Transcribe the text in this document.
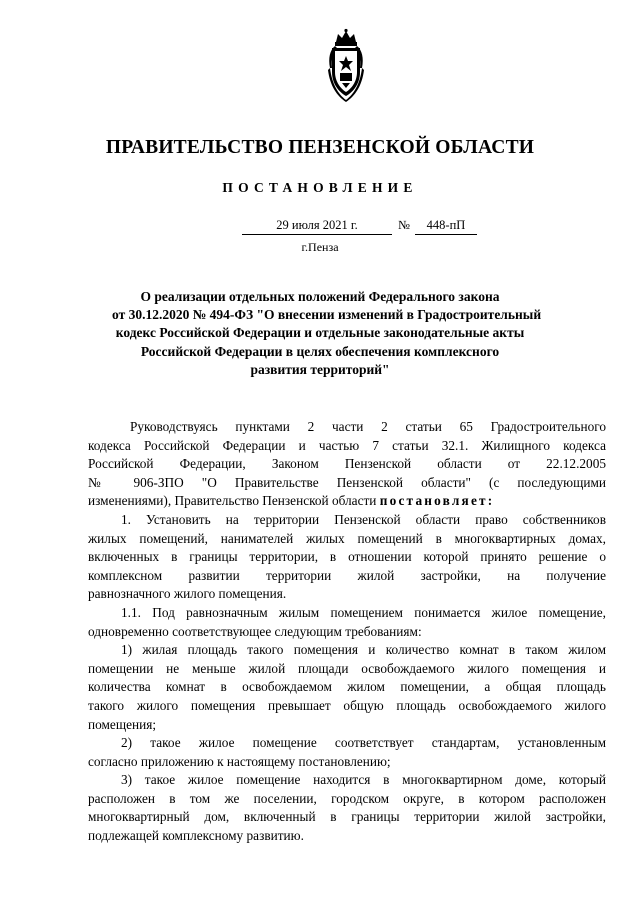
ПРАВИТЕЛЬСТВО ПЕНЗЕНСКОЙ ОБЛАСТИ
ПОСТАНОВЛЕНИЕ
29 июля 2021 г.	№	448-пП
г.Пенза
О реализации отдельных положений Федерального закона
от 30.12.2020 № 494-ФЗ "О внесении изменений в Градостроительный
кодекс Российской Федерации и отдельные законодательные акты
Российской Федерации в целях обеспечения комплексного
развития территорий"
Руководствуясь пунктами 2 части 2 статьи 65 Градостроительного
кодекса Российской Федерации и частью 7 статьи 32.1. Жилищного кодекса
Российской Федерации, Законом Пензенской области от 22.12.2005
№ 906-ЗПО "О Правительстве Пензенской области" (с последующими
изменениями), Правительство Пензенской области постановляет:
1. Установить на территории Пензенской области право собственников
жилых помещений, нанимателей жилых помещений в многоквартирных домах,
включенных в границы территории, в отношении которой принято решение о
комплексном развитии территории жилой застройки, на получение
равнозначного жилого помещения.
1.1. Под равнозначным жилым помещением понимается жилое помещение,
одновременно соответствующее следующим требованиям:
1) жилая площадь такого помещения и количество комнат в таком жилом
помещении не меньше жилой площади освобождаемого жилого помещения и
количества комнат в освобождаемом жилом помещении, а общая площадь
такого жилого помещения превышает общую площадь освобождаемого жилого
помещения;
2) такое жилое помещение соответствует стандартам, установленным
согласно приложению к настоящему постановлению;
3) такое жилое помещение находится в многоквартирном доме, который
расположен в том же поселении, городском округе, в котором расположен
многоквартирный дом, включенный в границы территории жилой застройки,
подлежащей комплексному развитию.
